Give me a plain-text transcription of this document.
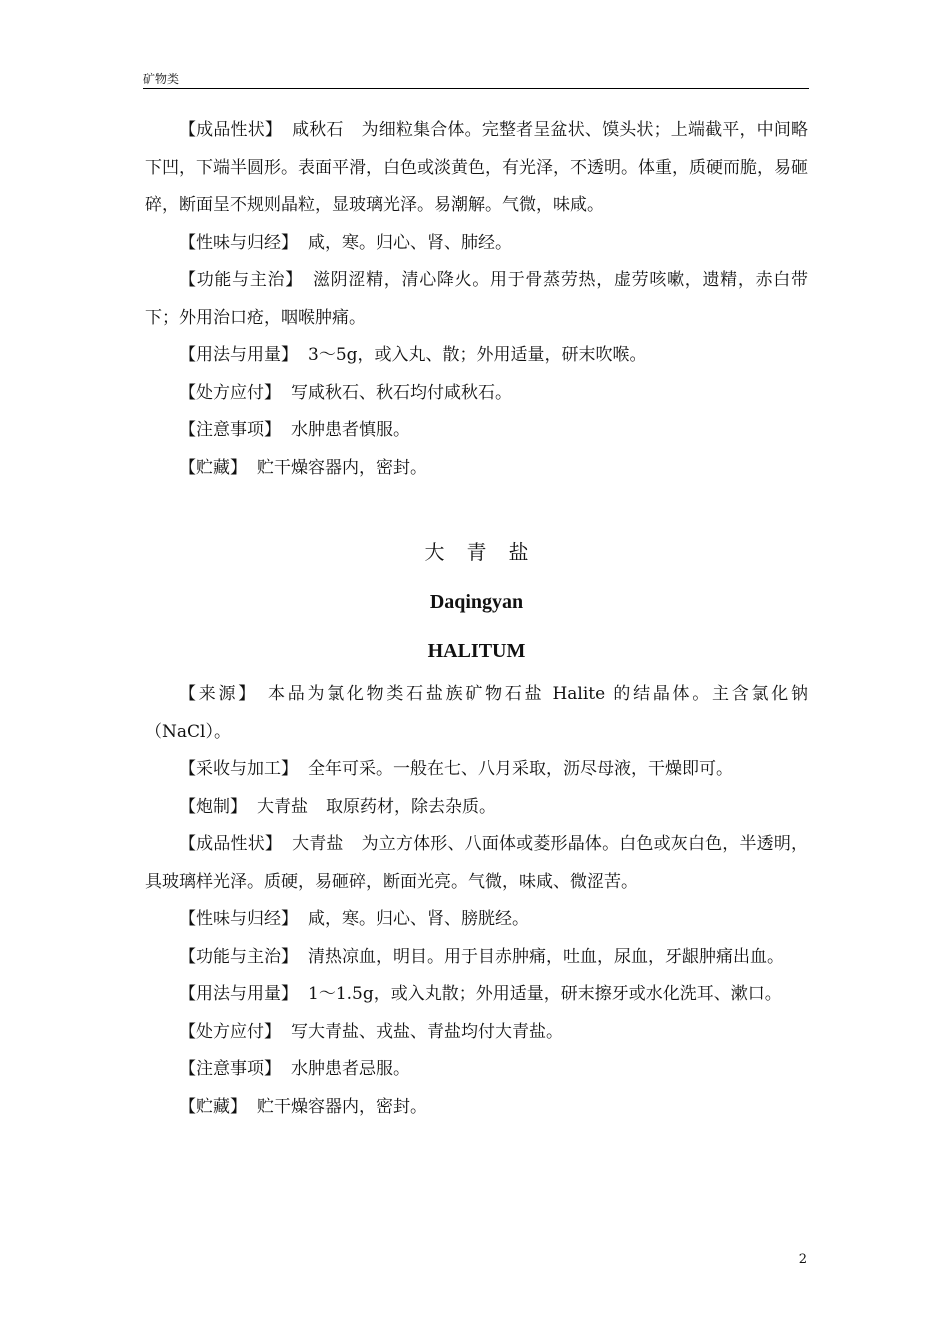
矿物类

【成品性状】 咸秋石 为细粒集合体。完整者呈盆状、馍头状；上端截平，中间略下凹，下端半圆形。表面平滑，白色或淡黄色，有光泽，不透明。体重，质硬而脆，易砸碎，断面呈不规则晶粒，显玻璃光泽。易潮解。气微，味咸。

【性味与归经】 咸，寒。归心、肾、肺经。

【功能与主治】 滋阴涩精，清心降火。用于骨蒸劳热，虚劳咳嗽，遗精，赤白带下；外用治口疮，咽喉肿痛。

【用法与用量】 3～5g，或入丸、散；外用适量，研末吹喉。

【处方应付】 写咸秋石、秋石均付咸秋石。

【注意事项】 水肿患者慎服。

【贮藏】 贮干燥容器内，密封。

大青盐
Daqingyan
HALITUM

【来源】 本品为氯化物类石盐族矿物石盐 Halite 的结晶体。主含氯化钠（NaCl）。

【采收与加工】 全年可采。一般在七、八月采取，沥尽母液，干燥即可。

【炮制】 大青盐 取原药材，除去杂质。

【成品性状】 大青盐 为立方体形、八面体或菱形晶体。白色或灰白色，半透明，具玻璃样光泽。质硬，易砸碎，断面光亮。气微，味咸、微涩苦。

【性味与归经】 咸，寒。归心、肾、膀胱经。

【功能与主治】 清热凉血，明目。用于目赤肿痛，吐血，尿血，牙龈肿痛出血。

【用法与用量】 1～1.5g，或入丸散；外用适量，研末擦牙或水化洗耳、漱口。

【处方应付】 写大青盐、戎盐、青盐均付大青盐。

【注意事项】 水肿患者忌服。

【贮藏】 贮干燥容器内，密封。

2
